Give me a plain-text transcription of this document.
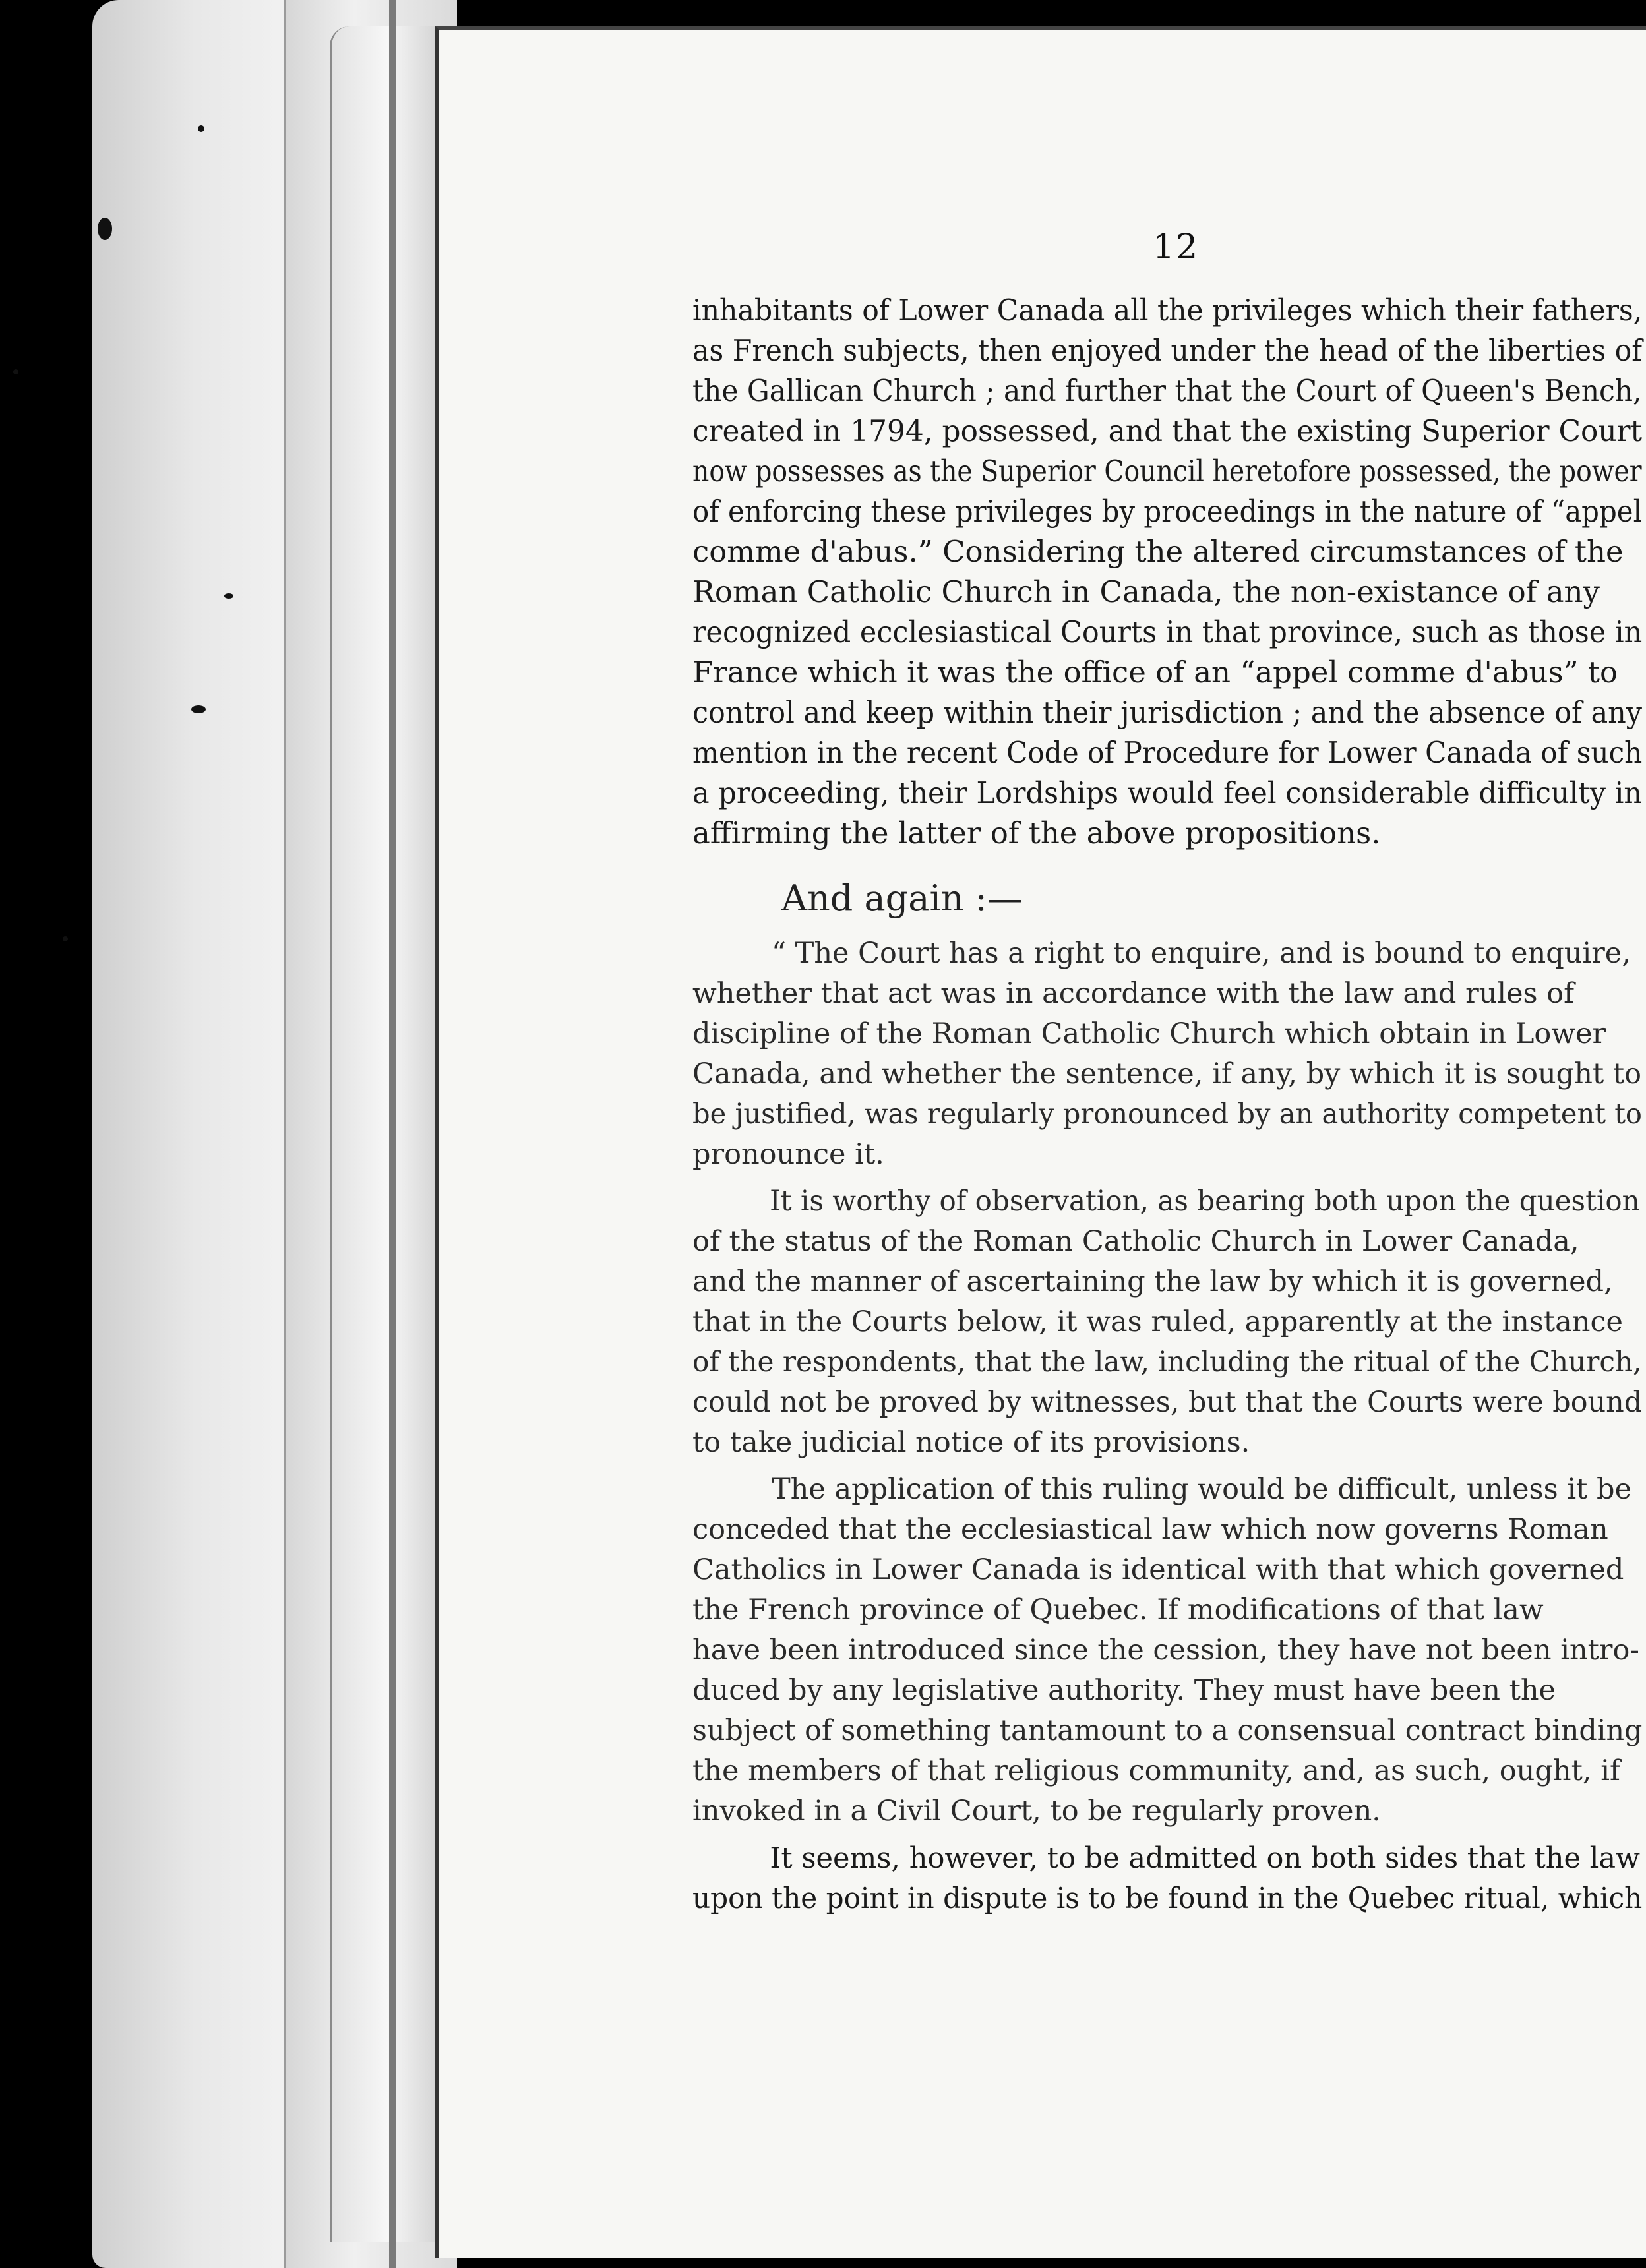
12
inhabitants of Lower Canada all the privileges which their fathers,
as French subjects, then enjoyed under the head of the liberties of
the Gallican Church ; and further that the Court of Queen's Bench,
created in 1794, possessed, and that the existing Superior Court
now possesses as the Superior Council heretofore possessed, the power
of enforcing these privileges by proceedings in the nature of “appel
comme d'abus.” Considering the altered circumstances of the
Roman Catholic Church in Canada, the non-existance of any
recognized ecclesiastical Courts in that province, such as those in
France which it was the office of an “appel comme d'abus” to
control and keep within their jurisdiction ; and the absence of any
mention in the recent Code of Procedure for Lower Canada of such
a proceeding, their Lordships would feel considerable difficulty in
affirming the latter of the above propositions.
And again :—
“ The Court has a right to enquire, and is bound to enquire,
whether that act was in accordance with the law and rules of
discipline of the Roman Catholic Church which obtain in Lower
Canada, and whether the sentence, if any, by which it is sought to
be justified, was regularly pronounced by an authority competent to
pronounce it.
It is worthy of observation, as bearing both upon the question
of the status of the Roman Catholic Church in Lower Canada,
and the manner of ascertaining the law by which it is governed,
that in the Courts below, it was ruled, apparently at the instance
of the respondents, that the law, including the ritual of the Church,
could not be proved by witnesses, but that the Courts were bound
to take judicial notice of its provisions.
The application of this ruling would be difficult, unless it be
conceded that the ecclesiastical law which now governs Roman
Catholics in Lower Canada is identical with that which governed
the French province of Quebec. If modifications of that law
have been introduced since the cession, they have not been intro-
duced by any legislative authority. They must have been the
subject of something tantamount to a consensual contract binding
the members of that religious community, and, as such, ought, if
invoked in a Civil Court, to be regularly proven.
It seems, however, to be admitted on both sides that the law
upon the point in dispute is to be found in the Quebec ritual, which
